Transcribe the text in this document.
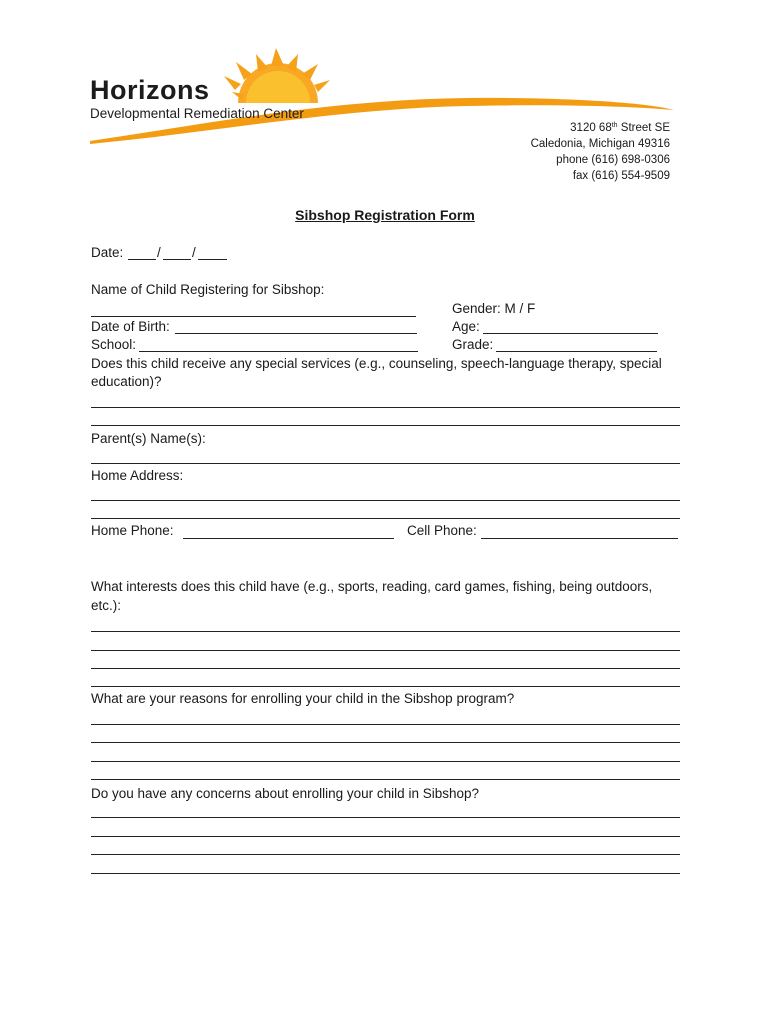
Horizons
Developmental Remediation Center
3120 68th Street SE
Caledonia, Michigan 49316
phone (616) 698-0306
fax (616) 554-9509
Sibshop Registration Form
Date: / /
Name of Child Registering for Sibshop:
Gender: M / F
Date of Birth:	Age:
School:	Grade:
Does this child receive any special services (e.g., counseling, speech-language therapy, special
education)?
Parent(s) Name(s):
Home Address:
Home Phone:	Cell Phone:
What interests does this child have (e.g., sports, reading, card games, fishing, being outdoors,
etc.):
What are your reasons for enrolling your child in the Sibshop program?
Do you have any concerns about enrolling your child in Sibshop?
